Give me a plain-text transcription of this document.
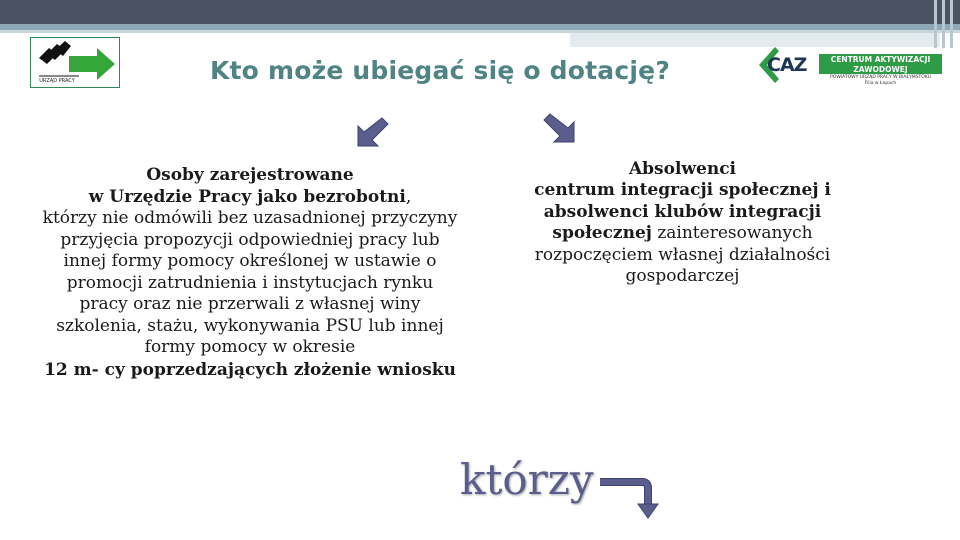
URZĄD PRACY	Kto może ubiegać się o dotację?	CAZ	CENTRUM AKTYWIZACJI
ZAWODOWEJ
POWIATOWY URZĄD PRACY W BIAŁYMSTOKU
Filia w Łapach
Osoby zarejestrowane
w Urzędzie Pracy jako bezrobotni,
którzy nie odmówili bez uzasadnionej przyczyny przyjęcia propozycji odpowiedniej pracy lub innej formy pomocy określonej w ustawie o promocji zatrudnienia i instytucjach rynku pracy oraz nie przerwali z własnej winy szkolenia, stażu, wykonywania PSU lub innej formy pomocy w okresie
12 m- cy poprzedzających złożenie wniosku
Absolwenci
centrum integracji społecznej i absolwenci klubów integracji społecznej zainteresowanych rozpoczęciem własnej działalności gospodarczej
którzy
